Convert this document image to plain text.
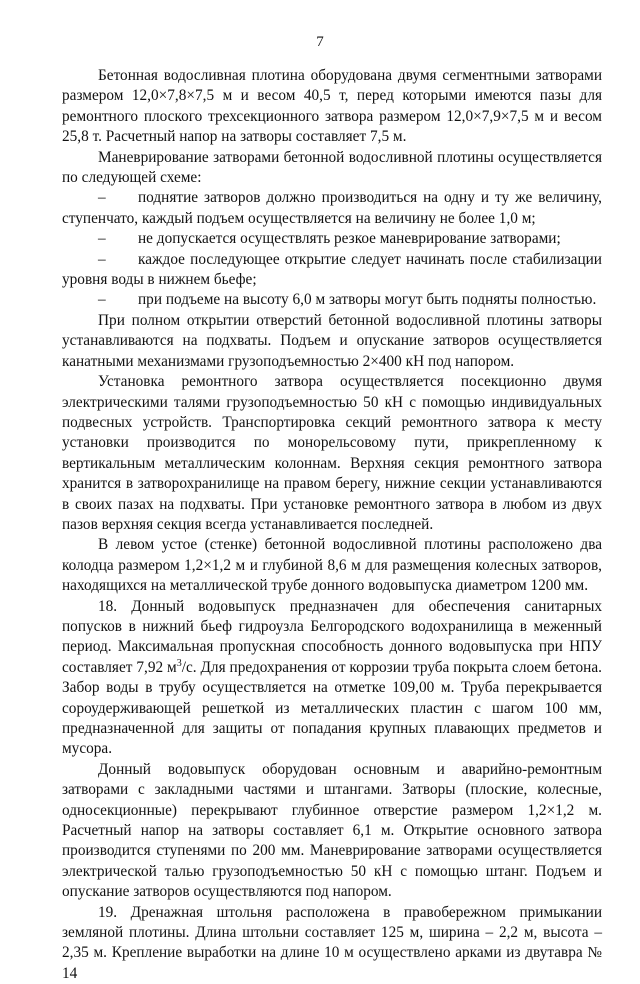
7

Бетонная водосливная плотина оборудована двумя сегментными затворами размером 12,0×7,8×7,5 м и весом 40,5 т, перед которыми имеются пазы для ремонтного плоского трехсекционного затвора размером 12,0×7,9×7,5 м и весом 25,8 т. Расчетный напор на затворы составляет 7,5 м.

Маневрирование затворами бетонной водосливной плотины осуществляется по следующей схеме:

– поднятие затворов должно производиться на одну и ту же величину, ступенчато, каждый подъем осуществляется на величину не более 1,0 м;

– не допускается осуществлять резкое маневрирование затворами;

– каждое последующее открытие следует начинать после стабилизации уровня воды в нижнем бьефе;

– при подъеме на высоту 6,0 м затворы могут быть подняты полностью.

При полном открытии отверстий бетонной водосливной плотины затворы устанавливаются на подхваты. Подъем и опускание затворов осуществляется канатными механизмами грузоподъемностью 2×400 кН под напором.

Установка ремонтного затвора осуществляется посекционно двумя электрическими талями грузоподъемностью 50 кН с помощью индивидуальных подвесных устройств. Транспортировка секций ремонтного затвора к месту установки производится по монорельсовому пути, прикрепленному к вертикальным металлическим колоннам. Верхняя секция ремонтного затвора хранится в затворохранилище на правом берегу, нижние секции устанавливаются в своих пазах на подхваты. При установке ремонтного затвора в любом из двух пазов верхняя секция всегда устанавливается последней.

В левом устое (стенке) бетонной водосливной плотины расположено два колодца размером 1,2×1,2 м и глубиной 8,6 м для размещения колесных затворов, находящихся на металлической трубе донного водовыпуска диаметром 1200 мм.

18. Донный водовыпуск предназначен для обеспечения санитарных попусков в нижний бьеф гидроузла Белгородского водохранилища в меженный период. Максимальная пропускная способность донного водовыпуска при НПУ составляет 7,92 $м^3/с$. Для предохранения от коррозии труба покрыта слоем бетона. Забор воды в трубу осуществляется на отметке 109,00 м. Труба перекрывается сороудерживающей решеткой из металлических пластин с шагом 100 мм, предназначенной для защиты от попадания крупных плавающих предметов и мусора.

Донный водовыпуск оборудован основным и аварийно-ремонтным затворами с закладными частями и штангами. Затворы (плоские, колесные, односекционные) перекрывают глубинное отверстие размером 1,2×1,2 м. Расчетный напор на затворы составляет 6,1 м. Открытие основного затвора производится ступенями по 200 мм. Маневрирование затворами осуществляется электрической талью грузоподъемностью 50 кН с помощью штанг. Подъем и опускание затворов осуществляются под напором.

19. Дренажная штольня расположена в правобережном примыкании земляной плотины. Длина штольни составляет 125 м, ширина – 2,2 м, высота – 2,35 м. Крепление выработки на длине 10 м осуществлено арками из двутавра № 14
